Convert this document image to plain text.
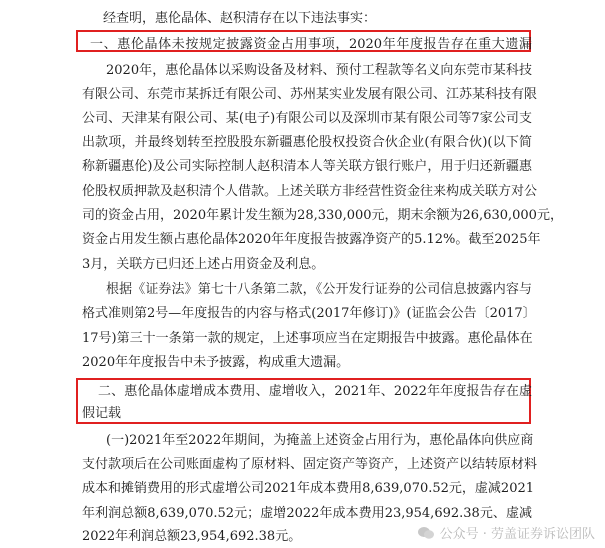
经查明，惠伦晶体、赵积清存在以下违法事实：
一、惠伦晶体未按规定披露资金占用事项，2020年年度报告存在重大遗漏
2020年，惠伦晶体以采购设备及材料、预付工程款等名义向东莞市某科技
有限公司、东莞市某拆迁有限公司、苏州某实业发展有限公司、江苏某科技有限
公司、天津某有限公司、某(电子)有限公司以及深圳市某有限公司等7家公司支
出款项，并最终划转至控股股东新疆惠伦股权投资合伙企业(有限合伙)(以下简
称新疆惠伦)及公司实际控制人赵积清本人等关联方银行账户，用于归还新疆惠
伦股权质押款及赵积清个人借款。上述关联方非经营性资金往来构成关联方对公
司的资金占用，2020年累计发生额为28,330,000元，期末余额为26,630,000元，
资金占用发生额占惠伦晶体2020年年度报告披露净资产的5.12%。截至2025年
3月，关联方已归还上述占用资金及利息。
根据《证券法》第七十八条第二款，《公开发行证券的公司信息披露内容与
格式准则第2号—年度报告的内容与格式(2017年修订)》(证监会公告〔2017〕
17号)第三十一条第一款的规定，上述事项应当在定期报告中披露。惠伦晶体在
2020年年度报告中未予披露，构成重大遗漏。
二、惠伦晶体虚增成本费用、虚增收入，2021年、2022年年度报告存在虚
假记载
(一)2021年至2022年期间，为掩盖上述资金占用行为，惠伦晶体向供应商
支付款项后在公司账面虚构了原材料、固定资产等资产，上述资产以结转原材料
成本和摊销费用的形式虚增公司2021年成本费用8,639,070.52元，虚减2021
年利润总额8,639,070.52元；虚增2022年成本费用23,954,692.38元、虚减
2022年利润总额23,954,692.38元。	公众号 · 劳盖证券诉讼团队
